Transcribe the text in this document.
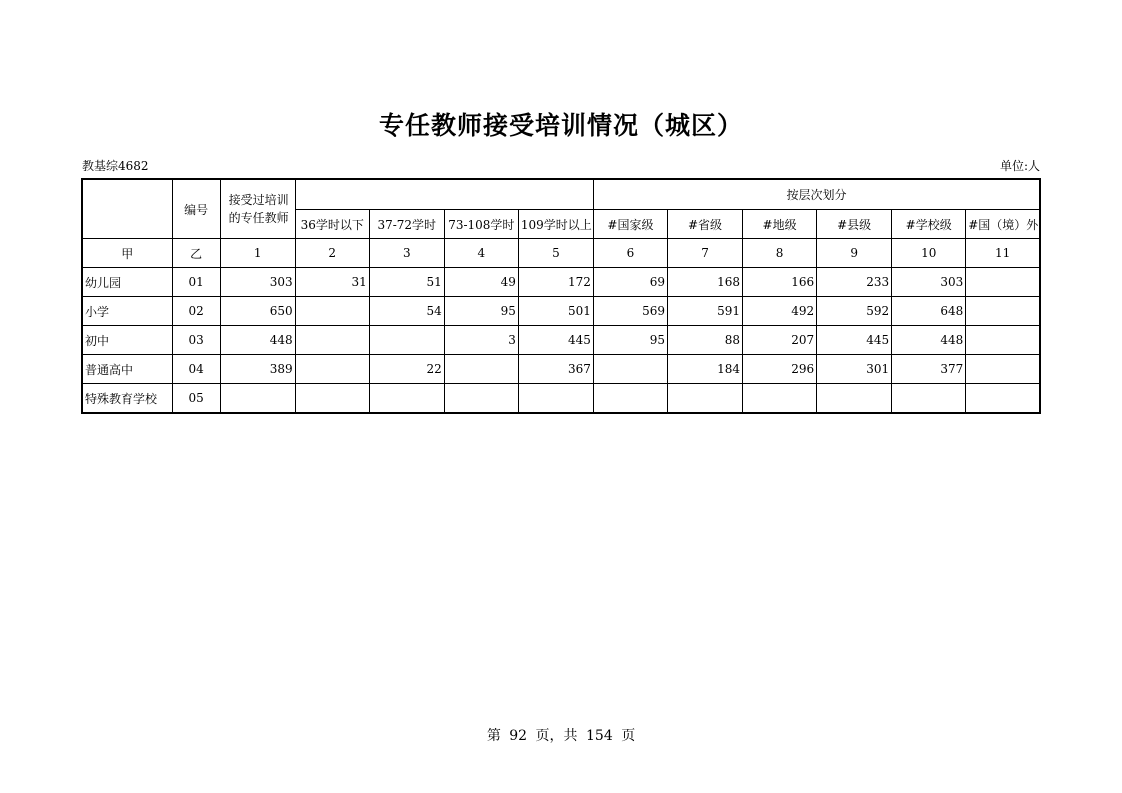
专任教师接受培训情况（城区）
教基综4682	单位:人
	编号	接受过培训的专任教师					按层次划分					
			36学时以下	37-72学时	73-108学时	109学时以上	#国家级	#省级	#地级	#县级	#学校级	#国（境）外
甲	乙	1	2	3	4	5	6	7	8	9	10	11
幼儿园	01	303	31	51	49	172	69	168	166	233	303	
小学	02	650		54	95	501	569	591	492	592	648	
初中	03	448			3	445	95	88	207	445	448	
普通高中	04	389		22		367		184	296	301	377	
特殊教育学校	05											
第 92 页，共 154 页
